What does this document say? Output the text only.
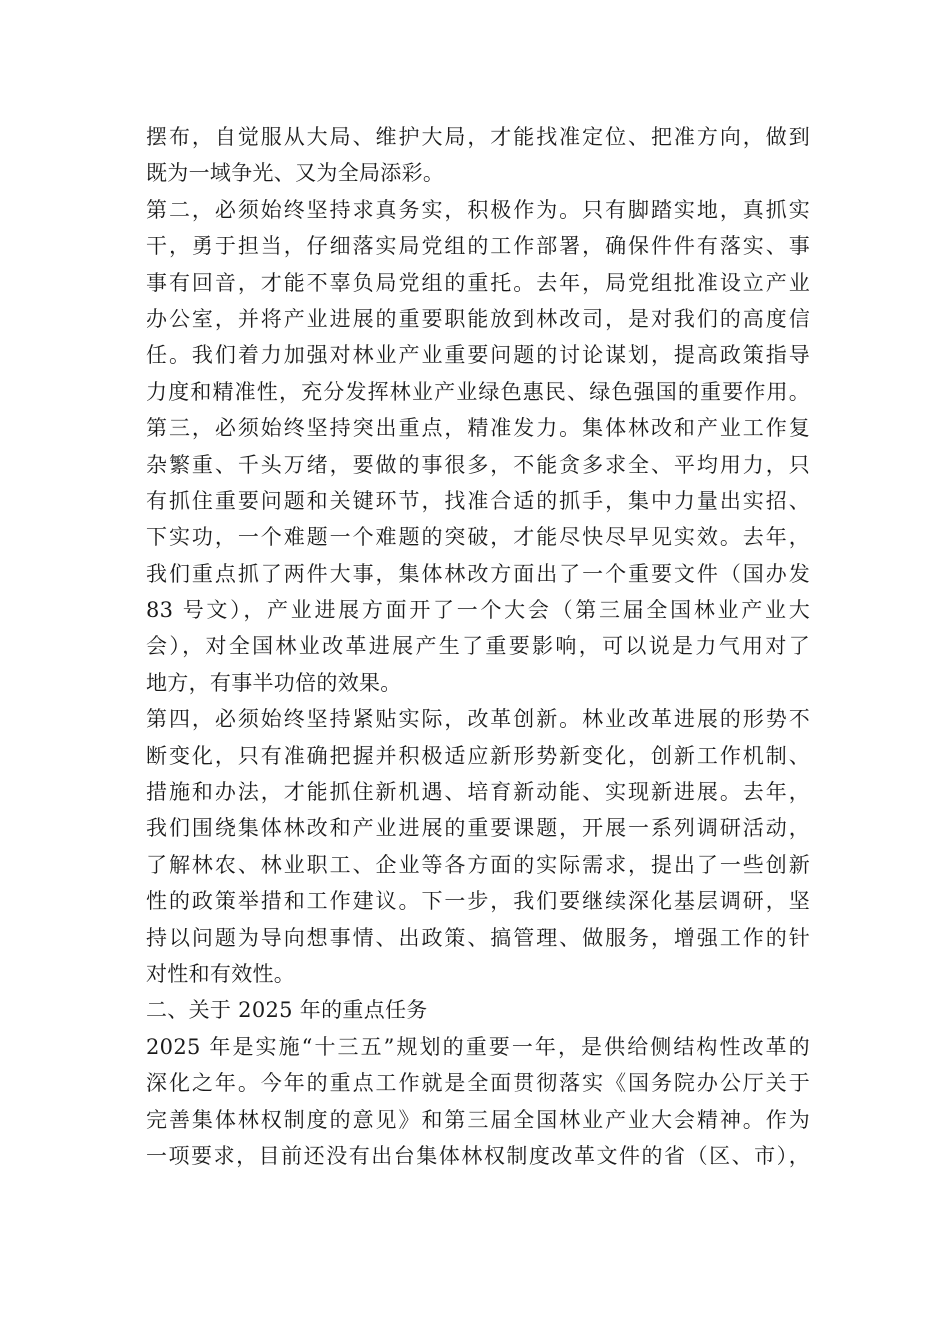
摆布，自觉服从大局、维护大局，才能找准定位、把准方向，做到
既为一域争光、又为全局添彩。
第二，必须始终坚持求真务实，积极作为。只有脚踏实地，真抓实
干，勇于担当，仔细落实局党组的工作部署，确保件件有落实、事
事有回音，才能不辜负局党组的重托。去年，局党组批准设立产业
办公室，并将产业进展的重要职能放到林改司，是对我们的高度信
任。我们着力加强对林业产业重要问题的讨论谋划，提高政策指导
力度和精准性，充分发挥林业产业绿色惠民、绿色强国的重要作用。
第三，必须始终坚持突出重点，精准发力。集体林改和产业工作复
杂繁重、千头万绪，要做的事很多，不能贪多求全、平均用力，只
有抓住重要问题和关键环节，找准合适的抓手，集中力量出实招、
下实功，一个难题一个难题的突破，才能尽快尽早见实效。去年，
我们重点抓了两件大事，集体林改方面出了一个重要文件（国办发
83 号文），产业进展方面开了一个大会（第三届全国林业产业大
会），对全国林业改革进展产生了重要影响，可以说是力气用对了
地方，有事半功倍的效果。
第四，必须始终坚持紧贴实际，改革创新。林业改革进展的形势不
断变化，只有准确把握并积极适应新形势新变化，创新工作机制、
措施和办法，才能抓住新机遇、培育新动能、实现新进展。去年，
我们围绕集体林改和产业进展的重要课题，开展一系列调研活动，
了解林农、林业职工、企业等各方面的实际需求，提出了一些创新
性的政策举措和工作建议。下一步，我们要继续深化基层调研，坚
持以问题为导向想事情、出政策、搞管理、做服务，增强工作的针
对性和有效性。
二、关于 2025 年的重点任务
2025 年是实施“十三五”规划的重要一年，是供给侧结构性改革的
深化之年。今年的重点工作就是全面贯彻落实《国务院办公厅关于
完善集体林权制度的意见》和第三届全国林业产业大会精神。作为
一项要求，目前还没有出台集体林权制度改革文件的省（区、市），
